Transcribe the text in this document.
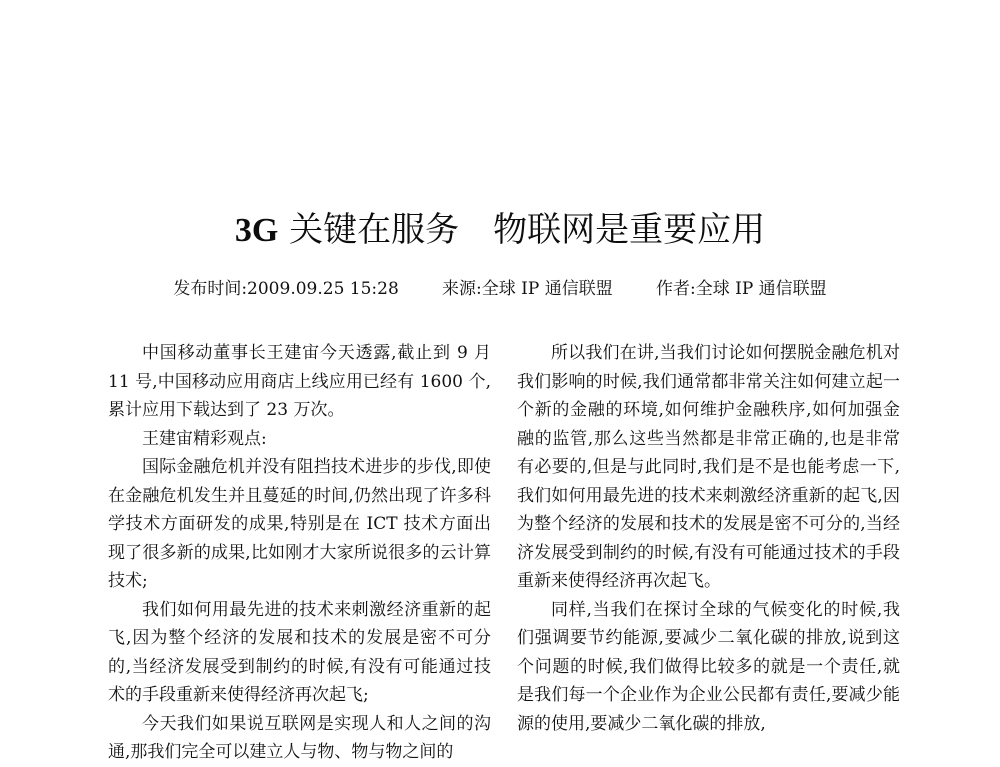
3G 关键在服务　物联网是重要应用
发布时间:2009.09.25 15:28	来源:全球 IP 通信联盟	作者:全球 IP 通信联盟

中国移动董事长王建宙今天透露,截止到 9 月 11 号,中国移动应用商店上线应用已经有 1600 个,累计应用下载达到了 23 万次。

王建宙精彩观点:

国际金融危机并没有阻挡技术进步的步伐,即使在金融危机发生并且蔓延的时间,仍然出现了许多科学技术方面研发的成果,特别是在 ICT 技术方面出现了很多新的成果,比如刚才大家所说很多的云计算技术;

我们如何用最先进的技术来刺激经济重新的起飞,因为整个经济的发展和技术的发展是密不可分的,当经济发展受到制约的时候,有没有可能通过技术的手段重新来使得经济再次起飞;

今天我们如果说互联网是实现人和人之间的沟通,那我们完全可以建立人与物、物与物之间的

所以我们在讲,当我们讨论如何摆脱金融危机对我们影响的时候,我们通常都非常关注如何建立起一个新的金融的环境,如何维护金融秩序,如何加强金融的监管,那么这些当然都是非常正确的,也是非常有必要的,但是与此同时,我们是不是也能考虑一下,我们如何用最先进的技术来刺激经济重新的起飞,因为整个经济的发展和技术的发展是密不可分的,当经济发展受到制约的时候,有没有可能通过技术的手段重新来使得经济再次起飞。

同样,当我们在探讨全球的气候变化的时候,我们强调要节约能源,要减少二氧化碳的排放,说到这个问题的时候,我们做得比较多的就是一个责任,就是我们每一个企业作为企业公民都有责任,要减少能源的使用,要减少二氧化碳的排放,
